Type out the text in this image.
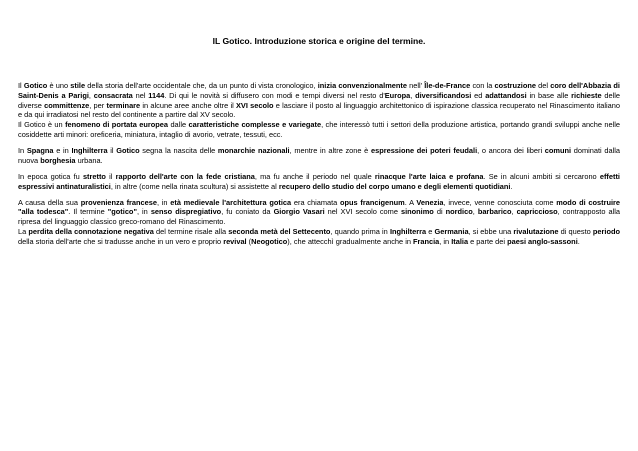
IL Gotico. Introduzione storica e origine del termine.

Il Gotico è uno stile della storia dell'arte occidentale che, da un punto di vista cronologico, inizia convenzionalmente nell' Île-de-France con la costruzione del coro dell'Abbazia di Saint-Denis a Parigi, consacrata nel 1144. Di qui le novità si diffusero con modi e tempi diversi nel resto d'Europa, diversificandosi ed adattandosi in base alle richieste delle diverse committenze, per terminare in alcune aree anche oltre il XVI secolo e lasciare il posto al linguaggio architettonico di ispirazione classica recuperato nel Rinascimento italiano e da qui irradiatosi nel resto del continente a partire dal XV secolo.

Il Gotico è un fenomeno di portata europea dalle caratteristiche complesse e variegate, che interessò tutti i settori della produzione artistica, portando grandi sviluppi anche nelle cosiddette arti minori: oreficeria, miniatura, intaglio di avorio, vetrate, tessuti, ecc.

In Spagna e in Inghilterra il Gotico segna la nascita delle monarchie nazionali, mentre in altre zone è espressione dei poteri feudali, o ancora dei liberi comuni dominati dalla nuova borghesia urbana.

In epoca gotica fu stretto il rapporto dell'arte con la fede cristiana, ma fu anche il periodo nel quale rinacque l'arte laica e profana. Se in alcuni ambiti si cercarono effetti espressivi antinaturalistici, in altre (come nella rinata scultura) si assistette al recupero dello studio del corpo umano e degli elementi quotidiani.

A causa della sua provenienza francese, in età medievale l'architettura gotica era chiamata opus francigenum. A Venezia, invece, venne conosciuta come modo di costruire "alla todesca". Il termine "gotico", in senso dispregiativo, fu coniato da Giorgio Vasari nel XVI secolo come sinonimo di nordico, barbarico, capriccioso, contrapposto alla ripresa del linguaggio classico greco-romano del Rinascimento.

La perdita della connotazione negativa del termine risale alla seconda metà del Settecento, quando prima in Inghilterra e Germania, si ebbe una rivalutazione di questo periodo della storia dell'arte che si tradusse anche in un vero e proprio revival (Neogotico), che attecchì gradualmente anche in Francia, in Italia e parte dei paesi anglo-sassoni.
